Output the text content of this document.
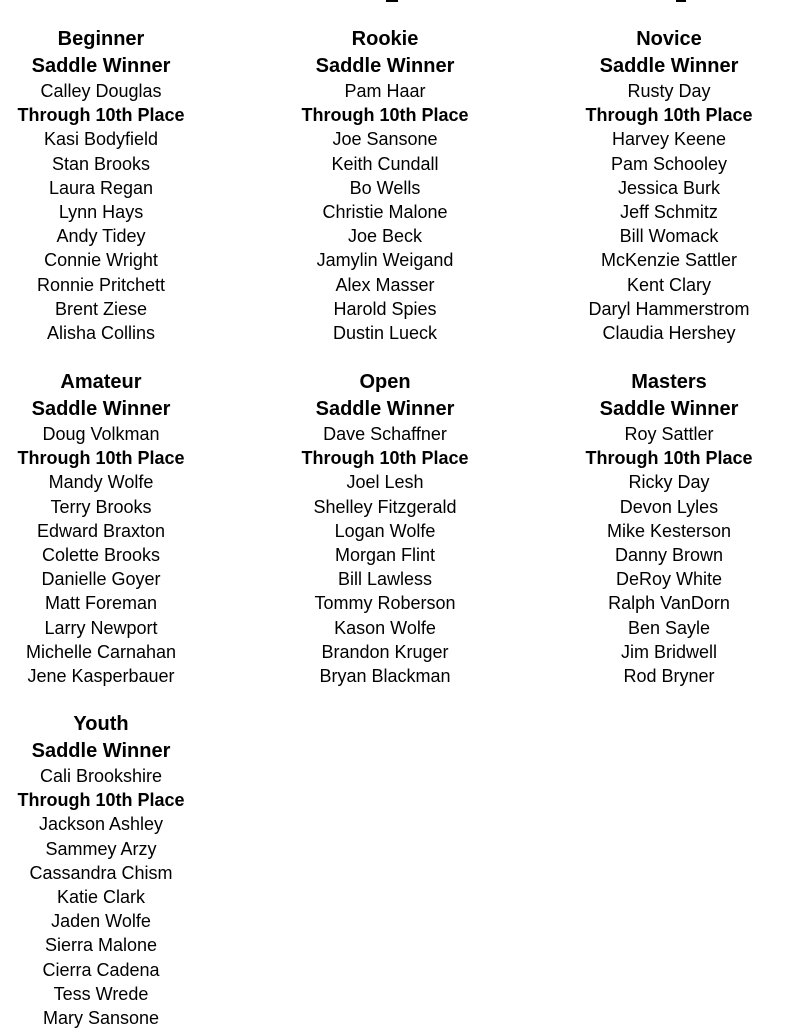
Beginner
Saddle Winner
Calley Douglas
Through 10th Place
Kasi Bodyfield
Stan Brooks
Laura Regan
Lynn Hays
Andy Tidey
Connie Wright
Ronnie Pritchett
Brent Ziese
Alisha Collins
Rookie
Saddle Winner
Pam Haar
Through 10th Place
Joe Sansone
Keith Cundall
Bo Wells
Christie Malone
Joe Beck
Jamylin Weigand
Alex Masser
Harold Spies
Dustin Lueck
Novice
Saddle Winner
Rusty Day
Through 10th Place
Harvey Keene
Pam Schooley
Jessica Burk
Jeff Schmitz
Bill Womack
McKenzie Sattler
Kent Clary
Daryl Hammerstrom
Claudia Hershey
Amateur
Saddle Winner
Doug Volkman
Through 10th Place
Mandy Wolfe
Terry Brooks
Edward Braxton
Colette Brooks
Danielle Goyer
Matt Foreman
Larry Newport
Michelle Carnahan
Jene Kasperbauer
Open
Saddle Winner
Dave Schaffner
Through 10th Place
Joel Lesh
Shelley Fitzgerald
Logan Wolfe
Morgan Flint
Bill Lawless
Tommy Roberson
Kason Wolfe
Brandon Kruger
Bryan Blackman
Masters
Saddle Winner
Roy Sattler
Through 10th Place
Ricky Day
Devon Lyles
Mike Kesterson
Danny Brown
DeRoy White
Ralph VanDorn
Ben Sayle
Jim Bridwell
Rod Bryner
Youth
Saddle Winner
Cali Brookshire
Through 10th Place
Jackson Ashley
Sammey Arzy
Cassandra Chism
Katie Clark
Jaden Wolfe
Sierra Malone
Cierra Cadena
Tess Wrede
Mary Sansone
